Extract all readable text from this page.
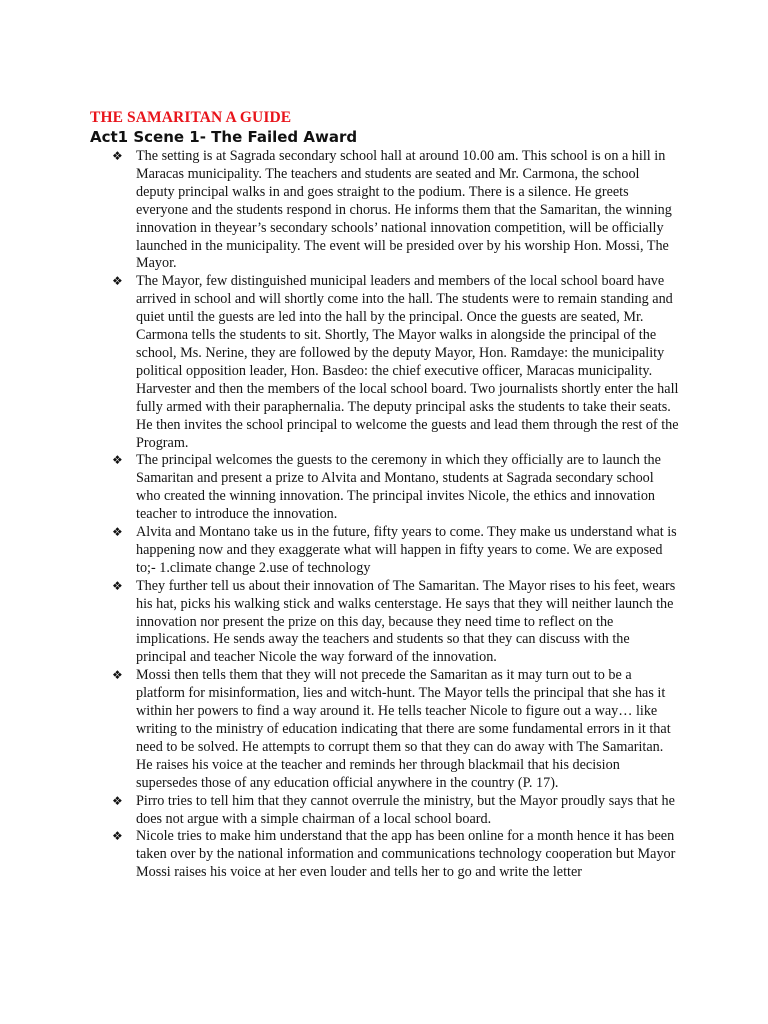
THE SAMARITAN A GUIDE
Act1 Scene 1- The Failed Award
❖ The setting is at Sagrada secondary school hall at around 10.00 am. This school is on a hill in Maracas municipality. The teachers and students are seated and Mr. Carmona, the school deputy principal walks in and goes straight to the podium. There is a silence. He greets everyone and the students respond in chorus. He informs them that the Samaritan, the winning innovation in theyear’s secondary schools’ national innovation competition, will be officially launched in the municipality. The event will be presided over by his worship Hon. Mossi, The Mayor.
❖ The Mayor, few distinguished municipal leaders and members of the local school board have arrived in school and will shortly come into the hall. The students were to remain standing and quiet until the guests are led into the hall by the principal. Once the guests are seated, Mr. Carmona tells the students to sit. Shortly, The Mayor walks in alongside the principal of the school, Ms. Nerine, they are followed by the deputy Mayor, Hon. Ramdaye: the municipality political opposition leader, Hon. Basdeo: the chief executive officer, Maracas municipality. Harvester and then the members of the local school board. Two journalists shortly enter the hall fully armed with their paraphernalia. The deputy principal asks the students to take their seats. He then invites the school principal to welcome the guests and lead them through the rest of the Program.
❖ The principal welcomes the guests to the ceremony in which they officially are to launch the Samaritan and present a prize to Alvita and Montano, students at Sagrada secondary school who created the winning innovation. The principal invites Nicole, the ethics and innovation teacher to introduce the innovation.
❖ Alvita and Montano take us in the future, fifty years to come. They make us understand what is happening now and they exaggerate what will happen in fifty years to come. We are exposed to;- 1.climate change 2.use of technology
❖ They further tell us about their innovation of The Samaritan. The Mayor rises to his feet, wears his hat, picks his walking stick and walks centerstage. He says that they will neither launch the innovation nor present the prize on this day, because they need time to reflect on the implications. He sends away the teachers and students so that they can discuss with the principal and teacher Nicole the way forward of the innovation.
❖ Mossi then tells them that they will not precede the Samaritan as it may turn out to be a platform for misinformation, lies and witch-hunt. The Mayor tells the principal that she has it within her powers to find a way around it. He tells teacher Nicole to figure out a way… like writing to the ministry of education indicating that there are some fundamental errors in it that need to be solved. He attempts to corrupt them so that they can do away with The Samaritan. He raises his voice at the teacher and reminds her through blackmail that his decision supersedes those of any education official anywhere in the country (P. 17).
❖ Pirro tries to tell him that they cannot overrule the ministry, but the Mayor proudly says that he does not argue with a simple chairman of a local school board.
❖ Nicole tries to make him understand that the app has been online for a month hence it has been taken over by the national information and communications technology cooperation but Mayor Mossi raises his voice at her even louder and tells her to go and write the letter
